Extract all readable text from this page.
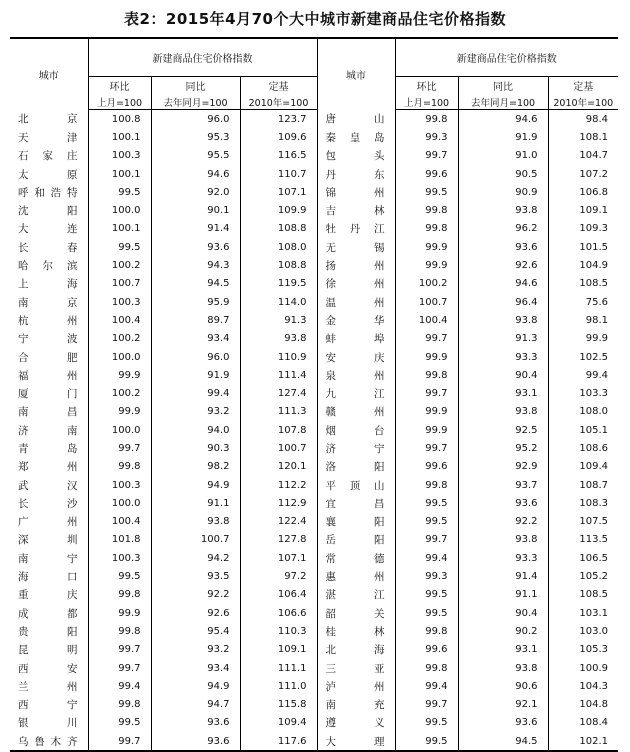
表2：2015年4月70个大中城市新建商品住宅价格指数
城市	新建商品住宅价格指数			城市	新建商品住宅价格指数		
	环比	同比	定基		环比	同比	定基
	上月=100	去年同月=100	2010年=100		上月=100	去年同月=100	2010年=100
北　京	100.8	96.0	123.7	唐　山	99.8	94.6	98.4
天　津	100.1	95.3	109.6	秦皇岛	99.3	91.9	108.1
石家庄	100.3	95.5	116.5	包　头	99.7	91.0	104.7
太　原	100.1	94.6	110.7	丹　东	99.6	90.5	107.2
呼和浩特	99.5	92.0	107.1	锦　州	99.5	90.9	106.8
沈　阳	100.0	90.1	109.9	吉　林	99.8	93.8	109.1
大　连	100.1	91.4	108.8	牡丹江	99.8	96.2	109.3
长　春	99.5	93.6	108.0	无　锡	99.9	93.6	101.5
哈尔滨	100.2	94.3	108.8	扬　州	99.9	92.6	104.9
上　海	100.7	94.5	119.5	徐　州	100.2	94.6	108.5
南　京	100.3	95.9	114.0	温　州	100.7	96.4	75.6
杭　州	100.4	89.7	91.3	金　华	100.4	93.8	98.1
宁　波	100.2	93.4	93.8	蚌　埠	99.7	91.3	99.9
合　肥	100.0	96.0	110.9	安　庆	99.9	93.3	102.5
福　州	99.9	91.9	111.4	泉　州	99.8	90.4	99.4
厦　门	100.2	99.4	127.4	九　江	99.7	93.1	103.3
南　昌	99.9	93.2	111.3	赣　州	99.9	93.8	108.0
济　南	100.0	94.0	107.8	烟　台	99.9	92.5	105.1
青　岛	99.7	90.3	100.7	济　宁	99.7	95.2	108.6
郑　州	99.8	98.2	120.1	洛　阳	99.6	92.9	109.4
武　汉	100.3	94.9	112.2	平顶山	99.8	93.7	108.7
长　沙	100.0	91.1	112.9	宜　昌	99.5	93.6	108.3
广　州	100.4	93.8	122.4	襄　阳	99.5	92.2	107.5
深　圳	101.8	100.7	127.8	岳　阳	99.7	93.8	113.5
南　宁	100.3	94.2	107.1	常　德	99.4	93.3	106.5
海　口	99.5	93.5	97.2	惠　州	99.3	91.4	105.2
重　庆	99.8	92.2	106.4	湛　江	99.5	91.1	108.5
成　都	99.9	92.6	106.6	韶　关	99.5	90.4	103.1
贵　阳	99.8	95.4	110.3	桂　林	99.8	90.2	103.0
昆　明	99.7	93.2	109.1	北　海	99.6	93.1	105.3
西　安	99.7	93.4	111.1	三　亚	99.8	93.8	100.9
兰　州	99.4	94.9	111.0	泸　州	99.4	90.6	104.3
西　宁	99.8	94.7	115.8	南　充	99.7	92.1	104.8
银　川	99.5	93.6	109.4	遵　义	99.5	93.6	108.4
乌鲁木齐	99.7	93.6	117.6	大　理	99.5	94.5	102.1
